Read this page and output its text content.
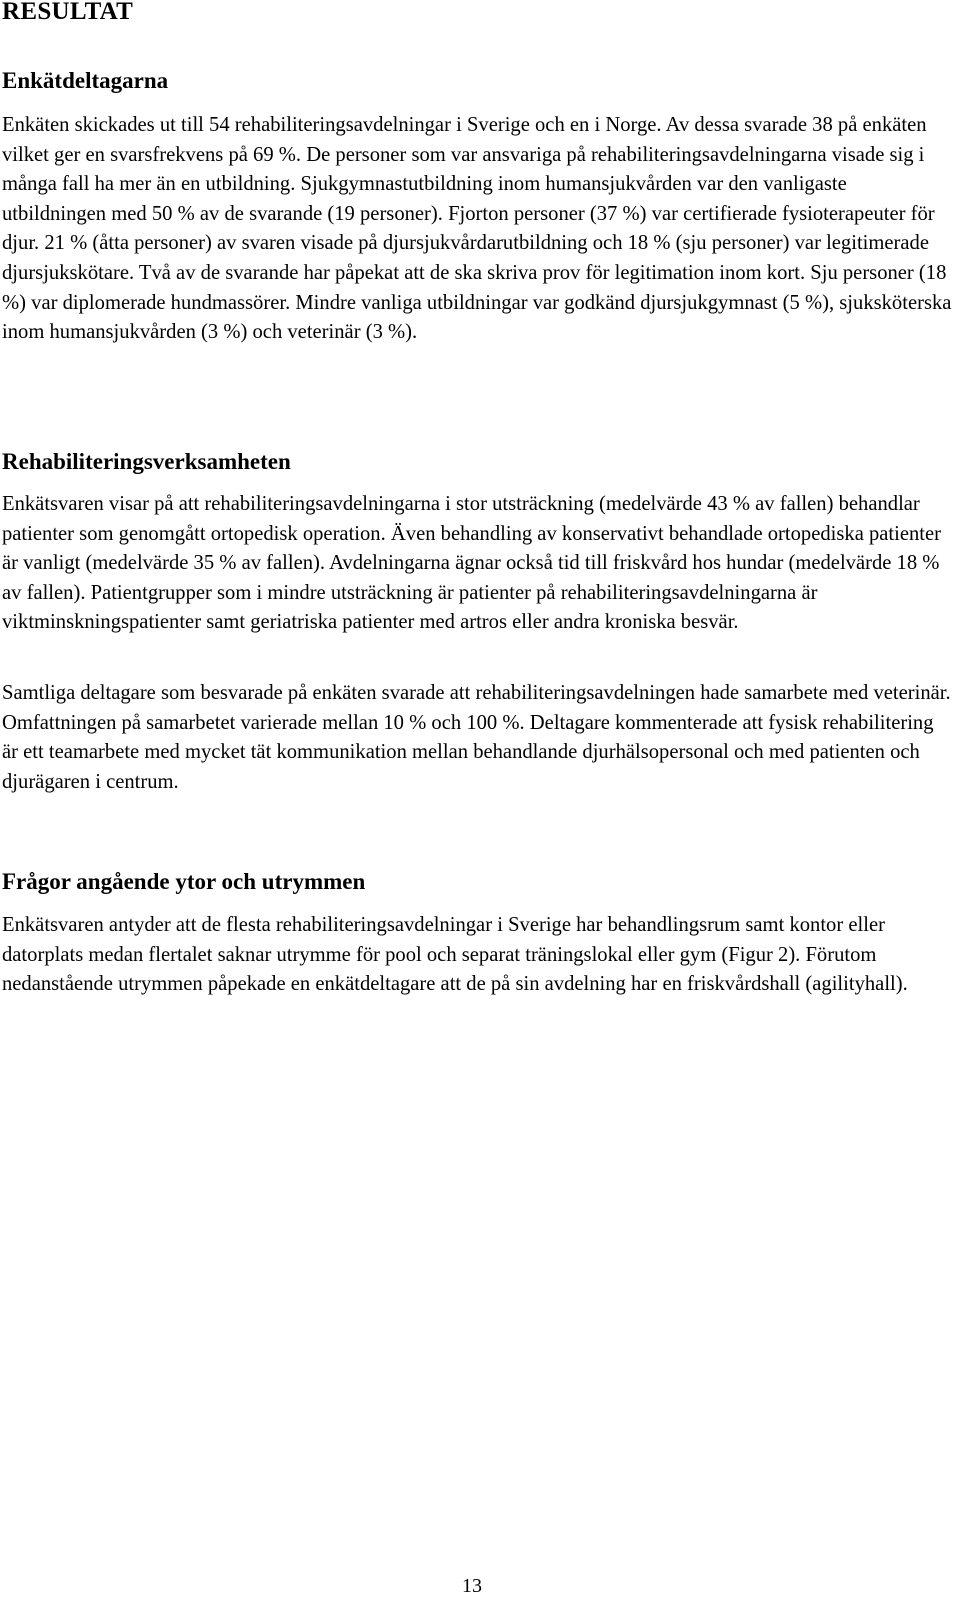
RESULTAT
Enkätdeltagarna

Enkäten skickades ut till 54 rehabiliteringsavdelningar i Sverige och en i Norge. Av dessa svarade 38 på enkäten vilket ger en svarsfrekvens på 69 %. De personer som var ansvariga på rehabiliteringsavdelningarna visade sig i många fall ha mer än en utbildning. Sjukgymnastutbildning inom humansjukvården var den vanligaste utbildningen med 50 % av de svarande (19 personer). Fjorton personer (37 %) var certifierade fysioterapeuter för djur. 21 % (åtta personer) av svaren visade på djursjukvårdarutbildning och 18 % (sju personer) var legitimerade djursjukskötare. Två av de svarande har påpekat att de ska skriva prov för legitimation inom kort. Sju personer (18 %) var diplomerade hundmassörer. Mindre vanliga utbildningar var godkänd djursjukgymnast (5 %), sjuksköterska inom humansjukvården (3 %) och veterinär (3 %).

Rehabiliteringsverksamheten

Enkätsvaren visar på att rehabiliteringsavdelningarna i stor utsträckning (medelvärde 43 % av fallen) behandlar patienter som genomgått ortopedisk operation. Även behandling av konservativt behandlade ortopediska patienter är vanligt (medelvärde 35 % av fallen). Avdelningarna ägnar också tid till friskvård hos hundar (medelvärde 18 % av fallen). Patientgrupper som i mindre utsträckning är patienter på rehabiliteringsavdelningarna är viktminskningspatienter samt geriatriska patienter med artros eller andra kroniska besvär.

Samtliga deltagare som besvarade på enkäten svarade att rehabiliteringsavdelningen hade samarbete med veterinär. Omfattningen på samarbetet varierade mellan 10 % och 100 %. Deltagare kommenterade att fysisk rehabilitering är ett teamarbete med mycket tät kommunikation mellan behandlande djurhälsopersonal och med patienten och djurägaren i centrum.

Frågor angående ytor och utrymmen

Enkätsvaren antyder att de flesta rehabiliteringsavdelningar i Sverige har behandlingsrum samt kontor eller datorplats medan flertalet saknar utrymme för pool och separat träningslokal eller gym (Figur 2). Förutom nedanstående utrymmen påpekade en enkätdeltagare att de på sin avdelning har en friskvårdshall (agilityhall).

13
